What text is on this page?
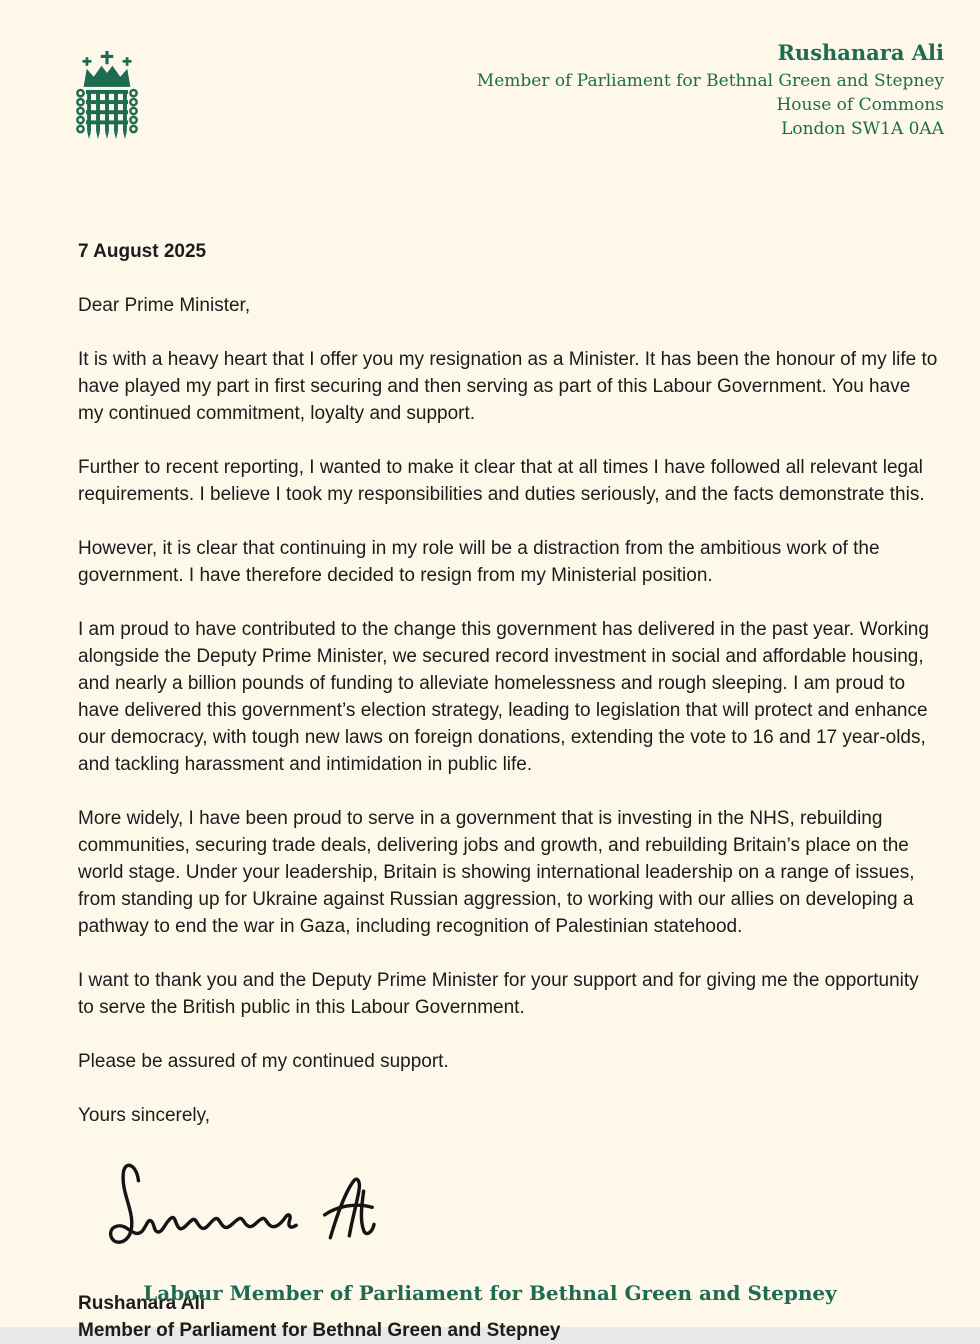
Rushanara Ali
Member of Parliament for Bethnal Green and Stepney
House of Commons
London SW1A 0AA

7 August 2025

Dear Prime Minister,

It is with a heavy heart that I offer you my resignation as a Minister. It has been the honour of my life to have played my part in first securing and then serving as part of this Labour Government. You have my continued commitment, loyalty and support.

Further to recent reporting, I wanted to make it clear that at all times I have followed all relevant legal requirements. I believe I took my responsibilities and duties seriously, and the facts demonstrate this.

However, it is clear that continuing in my role will be a distraction from the ambitious work of the government. I have therefore decided to resign from my Ministerial position.

I am proud to have contributed to the change this government has delivered in the past year. Working alongside the Deputy Prime Minister, we secured record investment in social and affordable housing, and nearly a billion pounds of funding to alleviate homelessness and rough sleeping. I am proud to have delivered this government’s election strategy, leading to legislation that will protect and enhance our democracy, with tough new laws on foreign donations, extending the vote to 16 and 17 year-olds, and tackling harassment and intimidation in public life.

More widely, I have been proud to serve in a government that is investing in the NHS, rebuilding communities, securing trade deals, delivering jobs and growth, and rebuilding Britain’s place on the world stage. Under your leadership, Britain is showing international leadership on a range of issues, from standing up for Ukraine against Russian aggression, to working with our allies on developing a pathway to end the war in Gaza, including recognition of Palestinian statehood.

I want to thank you and the Deputy Prime Minister for your support and for giving me the opportunity to serve the British public in this Labour Government.

Please be assured of my continued support.

Yours sincerely,

Rushanara Ali

Member of Parliament for Bethnal Green and Stepney

Labour Member of Parliament for Bethnal Green and Stepney
